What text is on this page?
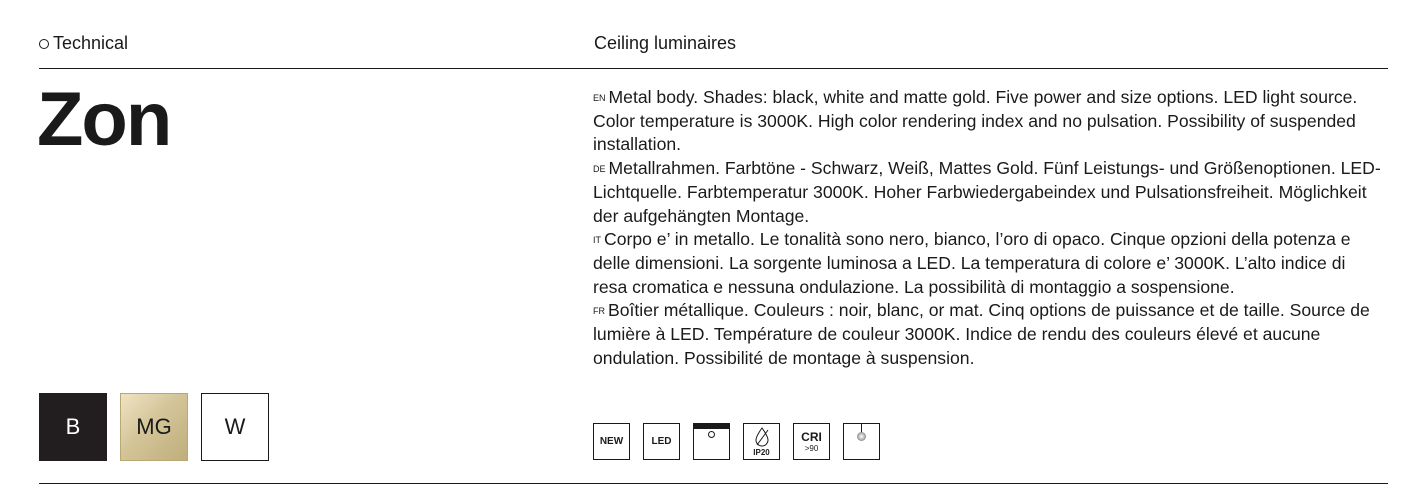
Technical	Ceiling luminaires
Zon	$^{EN}$ Metal body. Shades: black, white and matte gold. Five power and size options. LED light source. Color temperature is 3000K. High color rendering index and no pulsation. Possibility of suspended installation.

$^{DE}$ Metallrahmen. Farbtöne - Schwarz, Weiß, Mattes Gold. Fünf Leistungs- und Größenoptionen. LED-Lichtquelle. Farbtemperatur 3000K. Hoher Farbwiedergabeindex und Pulsationsfreiheit. Möglichkeit der aufgehängten Montage.

$^{IT}$ Corpo e’ in metallo. Le tonalità sono nero, bianco, l’oro di opaco. Cinque opzioni della potenza e delle dimensioni. La sorgente luminosa a LED. La temperatura di colore e’ 3000K. L’alto indice di resa cromatica e nessuna ondulazione. La possibilità di montaggio a sospensione.

$^{FR}$ Boîtier métallique. Couleurs : noir, blanc, or mat. Cinq options de puissance et de taille. Source de lumière à LED. Température de couleur 3000K. Indice de rendu des couleurs élevé et aucune ondulation. Possibilité de montage à suspension.

B	MG	W
NEW	LED
IP20
CRI
>90
